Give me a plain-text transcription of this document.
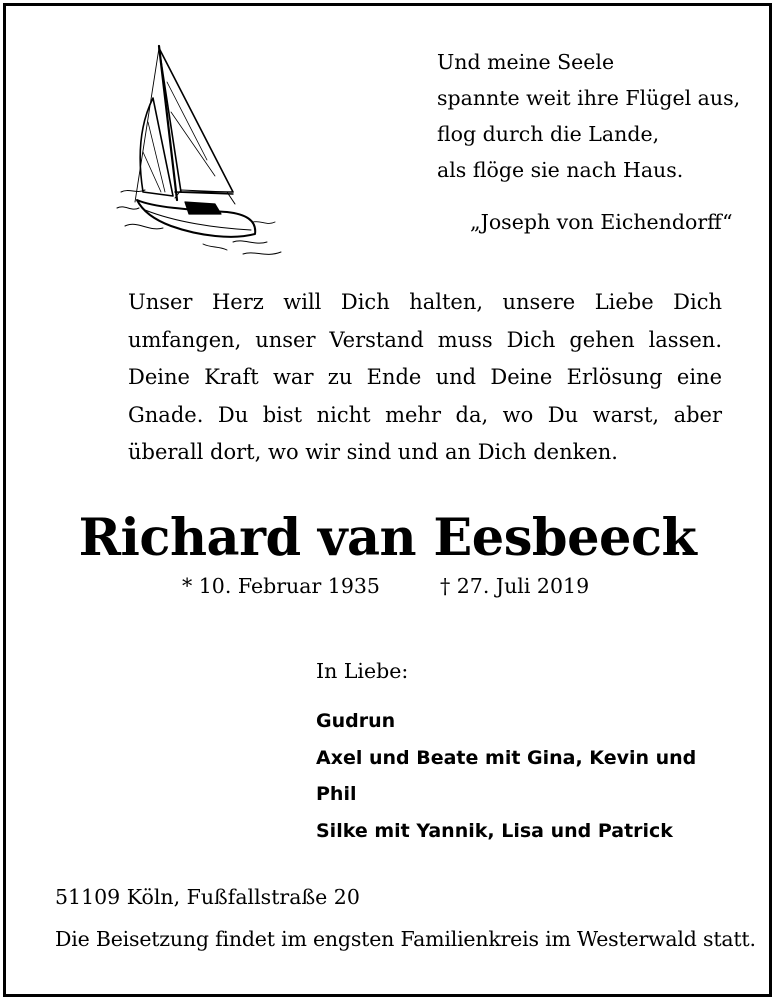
Und meine Seele
spannte weit ihre Flügel aus,
flog durch die Lande,
als flöge sie nach Haus.
„Joseph von Eichendorff“
Unser Herz will Dich halten, unsere Liebe Dich umfangen, unser Verstand muss Dich gehen lassen. Deine Kraft war zu Ende und Deine Erlösung eine Gnade. Du bist nicht mehr da, wo Du warst, aber überall dort, wo wir sind und an Dich denken.
Richard van Eesbeeck
* 10. Februar 1935	† 27. Juli 2019
In Liebe:
Gudrun
Axel und Beate mit Gina, Kevin und Phil
Silke mit Yannik, Lisa und Patrick
51109 Köln, Fußfallstraße 20
Die Beisetzung findet im engsten Familienkreis im Westerwald statt.
